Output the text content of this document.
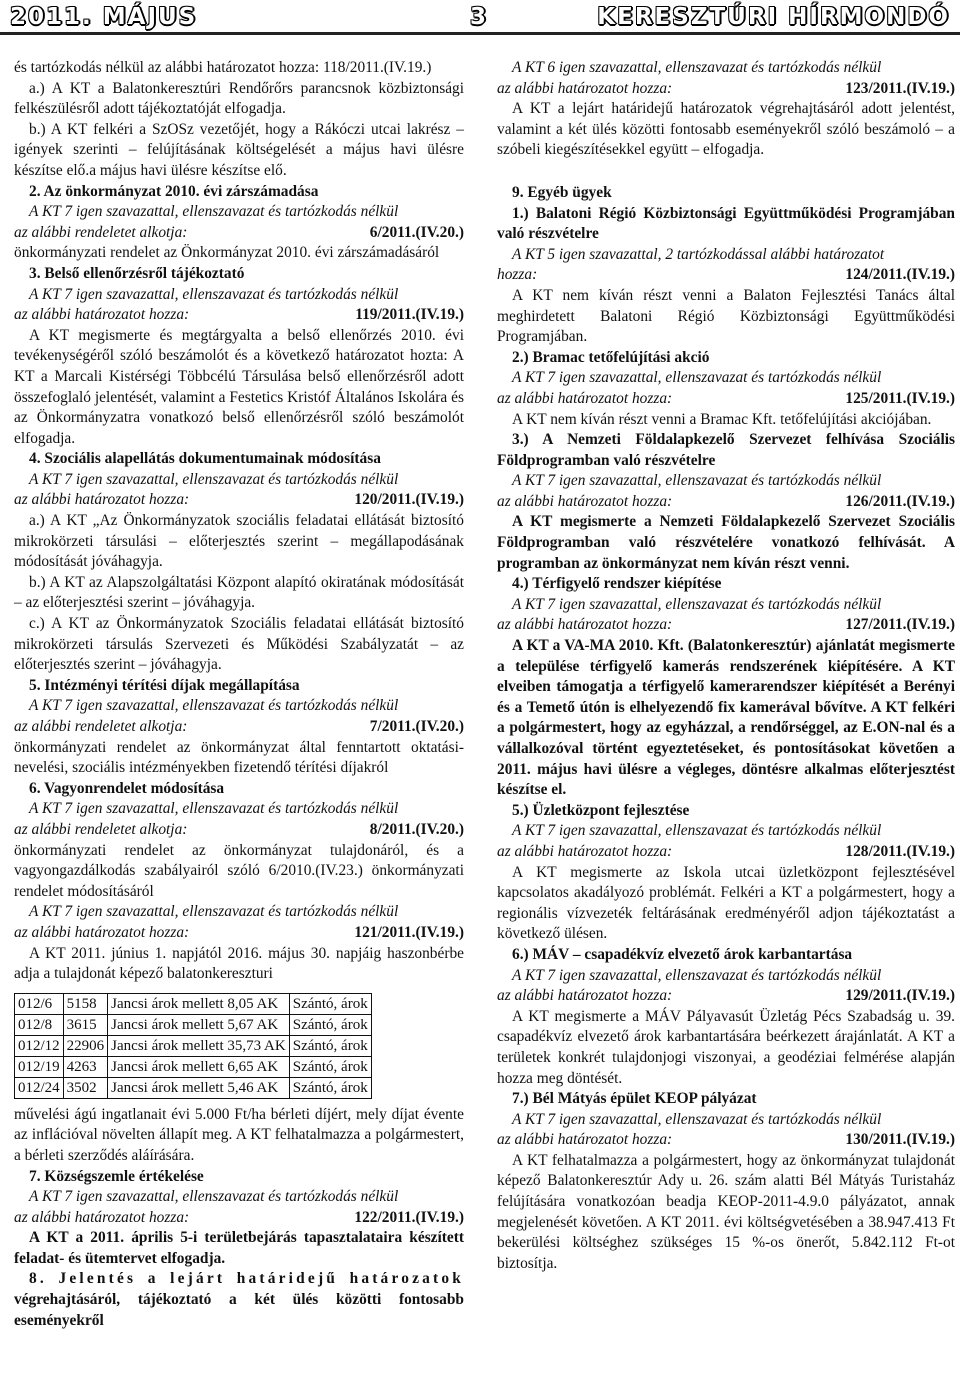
2011. MÁJUS	3	KERESZTÚRI HÍRMONDÓ

és tartózkodás nélkül az alábbi határozatot hozza: 118/2011.(IV.19.)

a.) A KT a Balatonkeresztúri Rendőrőrs parancsnok közbiztonsági felkészülésről adott tájékoztatóját elfogadja.

b.) A KT felkéri a SzOSz vezetőjét, hogy a Rákóczi utcai lakrész – igények szerinti – felújításának költségelését a május havi ülésre készítse elő.a május havi ülésre készítse elő.

2. Az önkormányzat 2010. évi zárszámadása

A KT 7 igen szavazattal, ellenszavazat és tartózkodás nélkül

az alábbi rendeletet alkotja:	6/2011.(IV.20.)

önkormányzati rendelet az Önkormányzat 2010. évi zárszámadásáról

3. Belső ellenőrzésről tájékoztató

A KT 7 igen szavazattal, ellenszavazat és tartózkodás nélkül

az alábbi határozatot hozza:	119/2011.(IV.19.)

A KT megismerte és megtárgyalta a belső ellenőrzés 2010. évi tevékenységéről szóló beszámolót és a következő határozatot hozta: A KT a Marcali Kistérségi Többcélú Társulása belső ellenőrzésről adott összefoglaló jelentését, valamint a Festetics Kristóf Általános Iskolára és az Önkormányzatra vonatkozó belső ellenőrzésről szóló beszámolót elfogadja.

4. Szociális alapellátás dokumentumainak módosítása

A KT 7 igen szavazattal, ellenszavazat és tartózkodás nélkül

az alábbi határozatot hozza:	120/2011.(IV.19.)

a.) A KT „Az Önkormányzatok szociális feladatai ellátását biztosító mikrokörzeti társulási – előterjesztés szerint – megállapodásának módosítását jóváhagyja.

b.) A KT az Alapszolgáltatási Központ alapító okiratának módosítását – az előterjesztési szerint – jóváhagyja.

c.) A KT az Önkormányzatok Szociális feladatai ellátását biztosító mikrokörzeti társulás Szervezeti és Működési Szabályzatát – az előterjesztés szerint – jóváhagyja.

5. Intézményi térítési díjak megállapítása

A KT 7 igen szavazattal, ellenszavazat és tartózkodás nélkül

az alábbi rendeletet alkotja:	7/2011.(IV.20.)

önkormányzati rendelet az önkormányzat által fenntartott oktatási-nevelési, szociális intézményekben fizetendő térítési díjakról

6. Vagyonrendelet módosítása

A KT 7 igen szavazattal, ellenszavazat és tartózkodás nélkül

az alábbi rendeletet alkotja:	8/2011.(IV.20.)

önkormányzati rendelet az önkormányzat tulajdonáról, és a vagyongazdálkodás szabályairól szóló 6/2010.(IV.23.) önkormányzati rendelet módosításáról

A KT 7 igen szavazattal, ellenszavazat és tartózkodás nélkül

az alábbi határozatot hozza:	121/2011.(IV.19.)

A KT 2011. június 1. napjától 2016. május 30. napjáig haszonbérbe adja a tulajdonát képező balatonkereszturi

012/6	5158	Jancsi árok mellett 8,05 AK	Szántó, árok
012/8	3615	Jancsi árok mellett 5,67 AK	Szántó, árok
012/12	22906	Jancsi árok mellett 35,73 AK	Szántó, árok
012/19	4263	Jancsi árok mellett 6,65 AK	Szántó, árok
012/24	3502	Jancsi árok mellett 5,46 AK	Szántó, árok

művelési ágú ingatlanait évi 5.000 Ft/ha bérleti díjért, mely díjat évente az inflációval növelten állapít meg. A KT felhatalmazza a polgármestert, a bérleti szerződés aláírására.

7. Községszemle értékelése

A KT 7 igen szavazattal, ellenszavazat és tartózkodás nélkül

az alábbi határozatot hozza:	122/2011.(IV.19.)

A KT a 2011. április 5-i területbejárás tapasztalataira készített feladat- és ütemtervet elfogadja.

8. Jelentés a lejárt határidejű határozatok végrehajtásáról, tájékoztató a két ülés közötti fontosabb eseményekről

A KT 6 igen szavazattal, ellenszavazat és tartózkodás nélkül

az alábbi határozatot hozza:	123/2011.(IV.19.)

A KT a lejárt határidejű határozatok végrehajtásáról adott jelentést, valamint a két ülés közötti fontosabb eseményekről szóló beszámoló – a szóbeli kiegészítésekkel együtt – elfogadja.

9. Egyéb ügyek

1.) Balatoni Régió Közbiztonsági Együttműködési Programjában való részvételre

A KT 5 igen szavazattal, 2 tartózkodással alábbi határozatot

hozza:	124/2011.(IV.19.)

A KT nem kíván részt venni a Balaton Fejlesztési Tanács által meghirdetett Balatoni Régió Közbiztonsági Együttműködési Programjában.

2.) Bramac tetőfelújítási akció

A KT 7 igen szavazattal, ellenszavazat és tartózkodás nélkül

az alábbi határozatot hozza:	125/2011.(IV.19.)

A KT nem kíván részt venni a Bramac Kft. tetőfelújítási akciójában.

3.) A Nemzeti Földalapkezelő Szervezet felhívása Szociális Földprogramban való részvételre

A KT 7 igen szavazattal, ellenszavazat és tartózkodás nélkül

az alábbi határozatot hozza:	126/2011.(IV.19.)

A KT megismerte a Nemzeti Földalapkezelő Szervezet Szociális Földprogramban való részvételére vonatkozó felhívását. A programban az önkormányzat nem kíván részt venni.

4.) Térfigyelő rendszer kiépítése

A KT 7 igen szavazattal, ellenszavazat és tartózkodás nélkül

az alábbi határozatot hozza:	127/2011.(IV.19.)

A KT a VA-MA 2010. Kft. (Balatonkeresztúr) ajánlatát megismerte a települése térfigyelő kamerás rendszerének kiépítésére. A KT elveiben támogatja a térfigyelő kamerarendszer kiépítését a Berényi és a Temető útón is elhelyezendő fix kamerával bővítve. A KT felkéri a polgármestert, hogy az egyházzal, a rendőrséggel, az E.ON-nal és a vállalkozóval történt egyeztetéseket, és pontosításokat követően a 2011. május havi ülésre a végleges, döntésre alkalmas előterjesztést készítse el.

5.) Üzletközpont fejlesztése

A KT 7 igen szavazattal, ellenszavazat és tartózkodás nélkül

az alábbi határozatot hozza:	128/2011.(IV.19.)

A KT megismerte az Iskola utcai üzletközpont fejlesztésével kapcsolatos akadályozó problémát. Felkéri a KT a polgármestert, hogy a regionális vízvezeték feltárásának eredményéről adjon tájékoztatást a következő ülésen.

6.) MÁV – csapadékvíz elvezető árok karbantartása

A KT 7 igen szavazattal, ellenszavazat és tartózkodás nélkül

az alábbi határozatot hozza:	129/2011.(IV.19.)

A KT megismerte a MÁV Pályavasút Üzletág Pécs Szabadság u. 39. csapadékvíz elvezető árok karbantartására beérkezett árajánlatát. A KT a területek konkrét tulajdonjogi viszonyai, a geodéziai felmérése alapján hozza meg döntését.

7.) Bél Mátyás épület KEOP pályázat

A KT 7 igen szavazattal, ellenszavazat és tartózkodás nélkül

az alábbi határozatot hozza:	130/2011.(IV.19.)

A KT felhatalmazza a polgármestert, hogy az önkormányzat tulajdonát képező Balatonkeresztúr Ady u. 26. szám alatti Bél Mátyás Turistaház felújítására vonatkozóan beadja KEOP-2011-4.9.0 pályázatot, annak megjelenését követően. A KT 2011. évi költségvetésében a 38.947.413 Ft bekerülési költséghez szükséges 15 %-os önerőt, 5.842.112 Ft-ot biztosítja.
